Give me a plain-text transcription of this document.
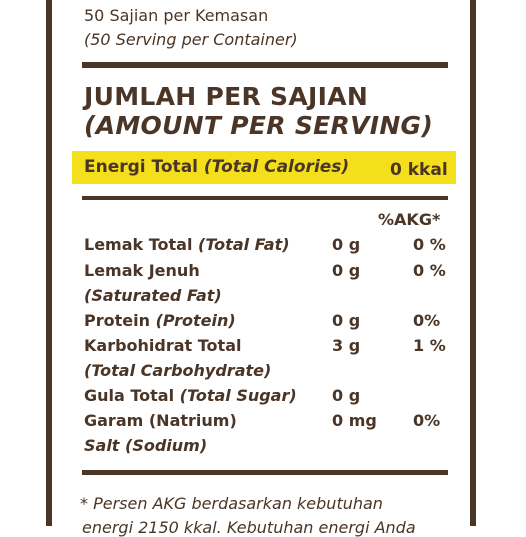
50 Sajian per Kemasan
(50 Serving per Container)
JUMLAH PER SAJIAN
(AMOUNT PER SERVING)
Energi Total (Total Calories) 0 kkal
%AKG*
Lemak Total (Total Fat)	0 g	0 %
Lemak Jenuh	0 g	0 %
(Saturated Fat)
Protein (Protein)	0 g	0%
Karbohidrat Total	3 g	1 %
(Total Carbohydrate)
Gula Total (Total Sugar) 0 g
Garam (Natrium)	0 mg 0%
Salt (Sodium)
* Persen AKG berdasarkan kebutuhan
energi 2150 kkal. Kebutuhan energi Anda
